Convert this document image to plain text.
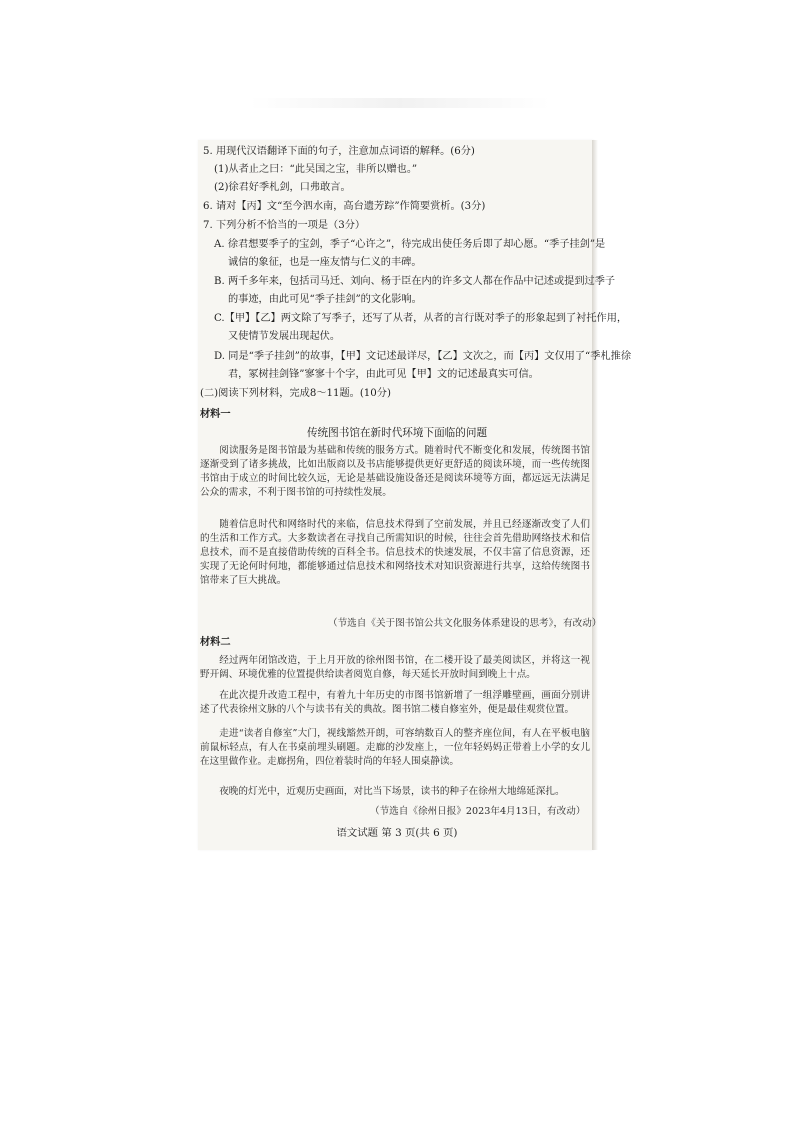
5. 用现代汉语翻译下面的句子，注意加点词语的解释。(6分)
(1)从者止之曰：“此吴国之宝，非所以赠也。”
(2)徐君好季札剑，口弗敢言。
6. 请对【丙】文“至今泗水南，高台遗芳踪”作简要赏析。(3分)
7. 下列分析不恰当的一项是（3分）
A. 徐君想要季子的宝剑，季子“心许之”，待完成出使任务后即了却心愿。“季子挂剑”是
诚信的象征，也是一座友情与仁义的丰碑。
B. 两千多年来，包括司马迁、刘向、杨于臣在内的许多文人都在作品中记述或提到过季子
的事迹，由此可见“季子挂剑”的文化影响。
C.【甲】【乙】两文除了写季子，还写了从者，从者的言行既对季子的形象起到了衬托作用，
又使情节发展出现起伏。
D. 同是“季子挂剑”的故事，【甲】文记述最详尽，【乙】文次之，而【丙】文仅用了“季札推徐
君，冢树挂剑锋”寥寥十个字，由此可见【甲】文的记述最真实可信。
(二)阅读下列材料，完成8～11题。(10分)
材料一
传统图书馆在新时代环境下面临的问题
阅读服务是图书馆最为基础和传统的服务方式。随着时代不断变化和发展，传统图书馆逐渐受到了诸多挑战，比如出版商以及书店能够提供更好更舒适的阅读环境，而一些传统图书馆由于成立的时间比较久远，无论是基础设施设备还是阅读环境等方面，都远远无法满足公众的需求，不利于图书馆的可持续性发展。
随着信息时代和网络时代的来临，信息技术得到了空前发展，并且已经逐渐改变了人们的生活和工作方式。大多数读者在寻找自己所需知识的时候，往往会首先借助网络技术和信息技术，而不是直接借助传统的百科全书。信息技术的快速发展，不仅丰富了信息资源，还实现了无论何时何地，都能够通过信息技术和网络技术对知识资源进行共享，这给传统图书馆带来了巨大挑战。
（节选自《关于图书馆公共文化服务体系建设的思考》，有改动）
材料二
经过两年闭馆改造，于上月开放的徐州图书馆，在二楼开设了最美阅读区，并将这一视野开阔、环境优雅的位置提供给读者阅览自修，每天延长开放时间到晚上十点。
在此次提升改造工程中，有着九十年历史的市图书馆新增了一组浮雕壁画，画面分别讲述了代表徐州文脉的八个与读书有关的典故。图书馆二楼自修室外，便是最佳观赏位置。
走进“读者自修室”大门，视线豁然开朗，可容纳数百人的整齐座位间，有人在平板电脑前鼠标轻点，有人在书桌前埋头刷题。走廊的沙发座上，一位年轻妈妈正带着上小学的女儿在这里做作业。走廊拐角，四位着装时尚的年轻人围桌静读。
夜晚的灯光中，近观历史画面，对比当下场景，读书的种子在徐州大地绵延深扎。
（节选自《徐州日报》2023年4月13日，有改动）
语文试题 第 3 页(共 6 页)
